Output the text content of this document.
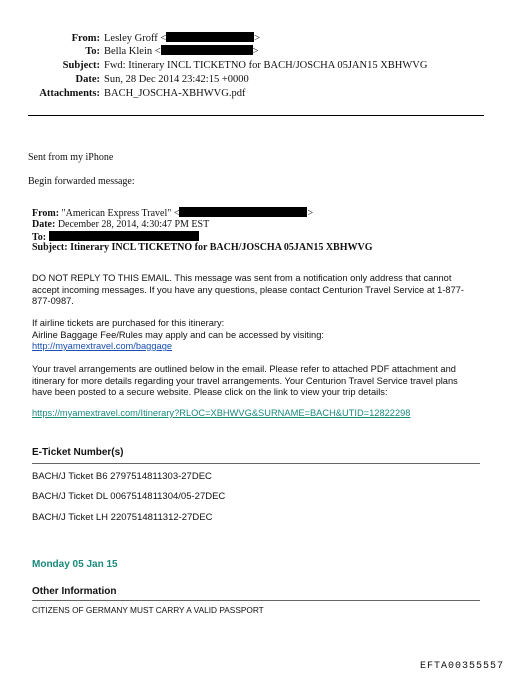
From: Lesley Groff <	>
To: Bella Klein <	>
Subject: Fwd: Itinerary INCL TICKETNO for BACH/JOSCHA 05JAN15 XBHWVG
Date: Sun, 28 Dec 2014 23:42:15 +0000
Attachments: BACH_JOSCHA-XBHWVG.pdf
Sent from my iPhone
Begin forwarded message:
From: "American Express Travel" <	>
Date: December 28, 2014, 4:30:47 PM EST
To:
Subject: Itinerary INCL TICKETNO for BACH/JOSCHA 05JAN15 XBHWVG
DO NOT REPLY TO THIS EMAIL. This message was sent from a notification only address that cannot accept incoming messages. If you have any questions, please contact Centurion Travel Service at 1-877-877-0987.
If airline tickets are purchased for this itinerary:
Airline Baggage Fee/Rules may apply and can be accessed by visiting:
http://myamextravel.com/baggage
Your travel arrangements are outlined below in the email. Please refer to attached PDF attachment and itinerary for more details regarding your travel arrangements. Your Centurion Travel Service travel plans have been posted to a secure website. Please click on the link to view your trip details:
https://myamextravel.com/Itinerary?RLOC=XBHWVG&SURNAME=BACH&UTID=12822298
E-Ticket Number(s)
BACH/J Ticket B6 2797514811303-27DEC
BACH/J Ticket DL 0067514811304/05-27DEC
BACH/J Ticket LH 2207514811312-27DEC
Monday 05 Jan 15
Other Information
CITIZENS OF GERMANY MUST CARRY A VALID PASSPORT
EFTA00355557
